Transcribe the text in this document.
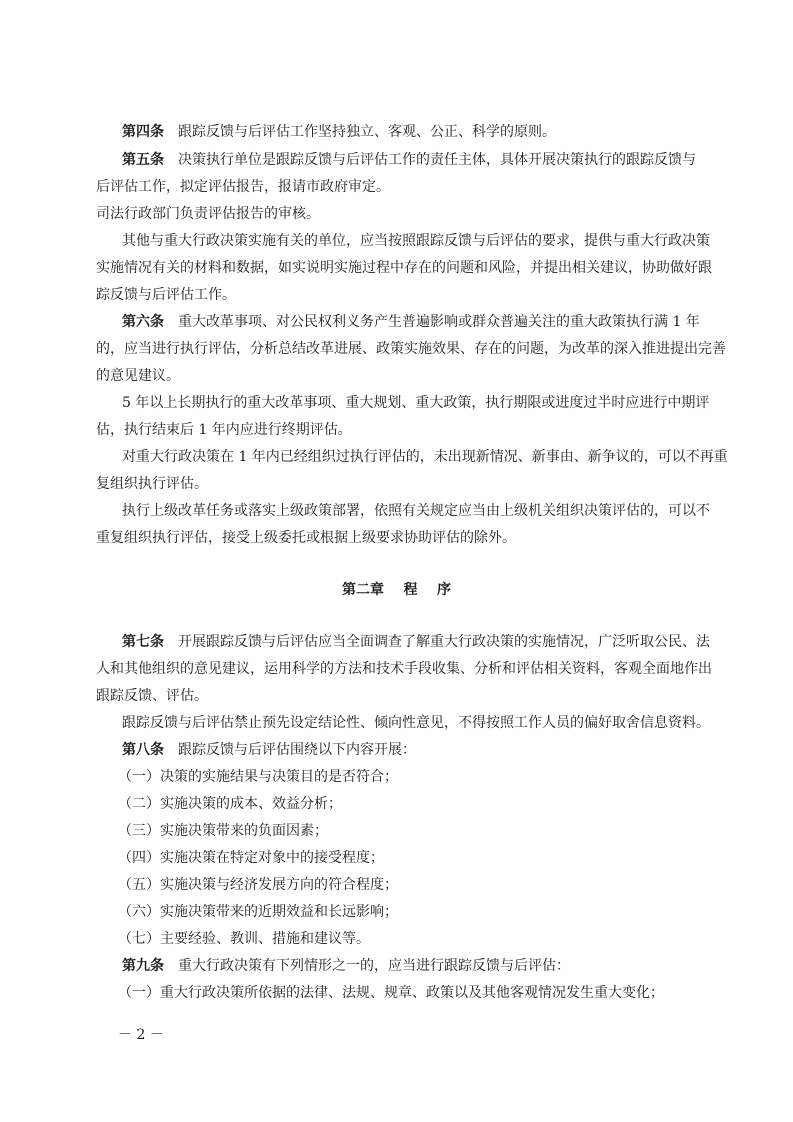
第四条 跟踪反馈与后评估工作坚持独立、客观、公正、科学的原则。
第五条 决策执行单位是跟踪反馈与后评估工作的责任主体，具体开展决策执行的跟踪反馈与
后评估工作，拟定评估报告，报请市政府审定。
司法行政部门负责评估报告的审核。
其他与重大行政决策实施有关的单位，应当按照跟踪反馈与后评估的要求，提供与重大行政决策
实施情况有关的材料和数据，如实说明实施过程中存在的问题和风险，并提出相关建议，协助做好跟
踪反馈与后评估工作。
第六条 重大改革事项、对公民权利义务产生普遍影响或群众普遍关注的重大政策执行满 1 年
的，应当进行执行评估，分析总结改革进展、政策实施效果、存在的问题，为改革的深入推进提出完善
的意见建议。
5 年以上长期执行的重大改革事项、重大规划、重大政策，执行期限或进度过半时应进行中期评
估，执行结束后 1 年内应进行终期评估。
对重大行政决策在 1 年内已经组织过执行评估的，未出现新情况、新事由、新争议的，可以不再重
复组织执行评估。
执行上级改革任务或落实上级政策部署，依照有关规定应当由上级机关组织决策评估的，可以不
重复组织执行评估，接受上级委托或根据上级要求协助评估的除外。
第二章    程    序
第七条 开展跟踪反馈与后评估应当全面调查了解重大行政决策的实施情况，广泛听取公民、法
人和其他组织的意见建议，运用科学的方法和技术手段收集、分析和评估相关资料，客观全面地作出
跟踪反馈、评估。
跟踪反馈与后评估禁止预先设定结论性、倾向性意见，不得按照工作人员的偏好取舍信息资料。
第八条 跟踪反馈与后评估围绕以下内容开展：
（一）决策的实施结果与决策目的是否符合；
（二）实施决策的成本、效益分析；
（三）实施决策带来的负面因素；
（四）实施决策在特定对象中的接受程度；
（五）实施决策与经济发展方向的符合程度；
（六）实施决策带来的近期效益和长远影响；
（七）主要经验、教训、措施和建议等。
第九条 重大行政决策有下列情形之一的，应当进行跟踪反馈与后评估：
（一）重大行政决策所依据的法律、法规、规章、政策以及其他客观情况发生重大变化；
－ 2 －
